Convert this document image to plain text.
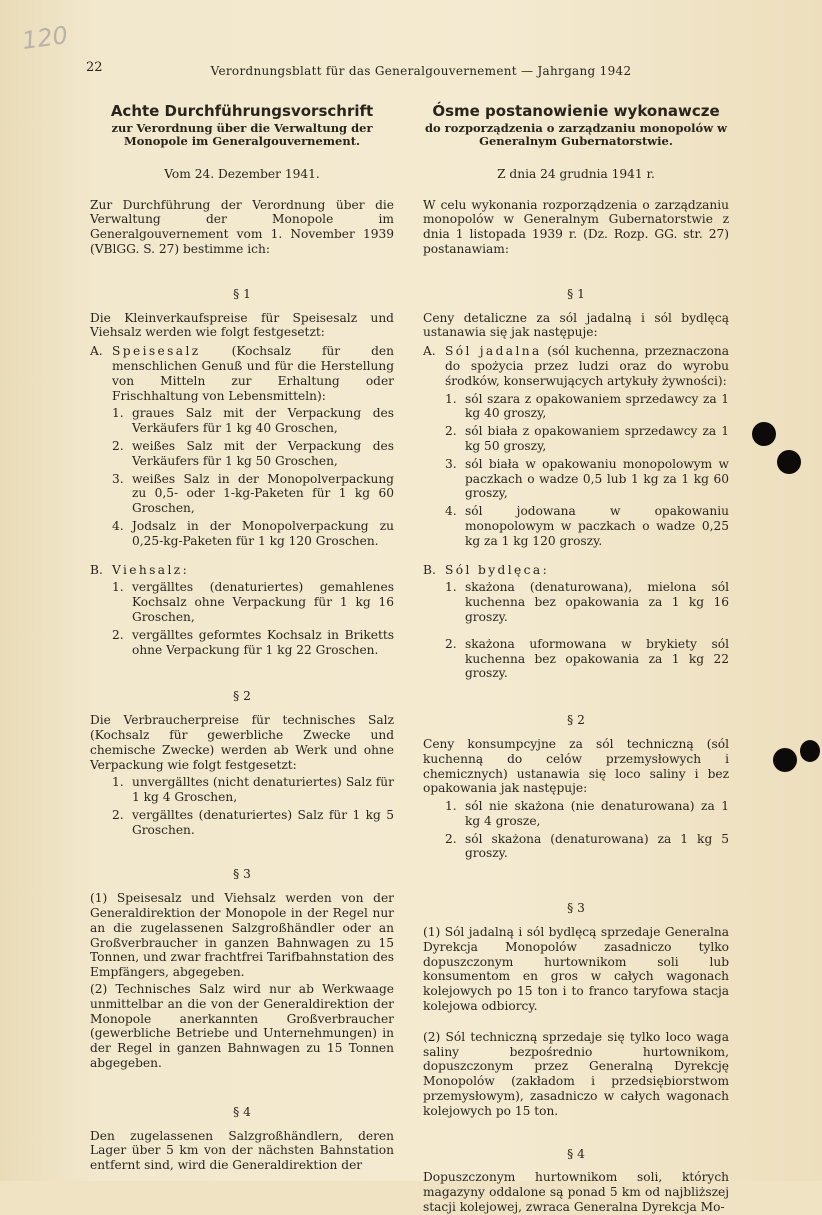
120
22	Verordnungsblatt für das Generalgouvernement — Jahrgang 1942
Achte Durchführungsvorschrift
zur Verordnung über die Verwaltung der Monopole im Generalgouvernement.
Vom 24. Dezember 1941.

Zur Durchführung der Verordnung über die Verwaltung der Monopole im Generalgouvernement vom 1. November 1939 (VBlGG. S. 27) bestimme ich:

§ 1

Die Kleinverkaufspreise für Speisesalz und Viehsalz werden wie folgt festgesetzt:

A. Speisesalz (Kochsalz für den menschlichen Genuß und für die Herstellung von Mitteln zur Erhaltung oder Frischhaltung von Lebensmitteln):
1. graues Salz mit der Verpackung des Verkäufers für 1 kg 40 Groschen,
2. weißes Salz mit der Verpackung des Verkäufers für 1 kg 50 Groschen,
3. weißes Salz in der Monopolverpackung zu 0,5- oder 1-kg-Paketen für 1 kg 60 Groschen,
4. Jodsalz in der Monopolverpackung zu 0,25-kg-Paketen für 1 kg 120 Groschen.
B. Viehsalz:
1. vergälltes (denaturiertes) gemahlenes Kochsalz ohne Verpackung für 1 kg 16 Groschen,
2. vergälltes geformtes Kochsalz in Briketts ohne Verpackung für 1 kg 22 Groschen.
§ 2

Die Verbraucherpreise für technisches Salz (Kochsalz für gewerbliche Zwecke und chemische Zwecke) werden ab Werk und ohne Verpackung wie folgt festgesetzt:

1. unvergälltes (nicht denaturiertes) Salz für 1 kg 4 Groschen,
2. vergälltes (denaturiertes) Salz für 1 kg 5 Groschen.
§ 3

(1) Speisesalz und Viehsalz werden von der Generaldirektion der Monopole in der Regel nur an die zugelassenen Salzgroßhändler oder an Großverbraucher in ganzen Bahnwagen zu 15 Tonnen, und zwar frachtfrei Tarifbahnstation des Empfängers, abgegeben.

(2) Technisches Salz wird nur ab Werkwaage unmittelbar an die von der Generaldirektion der Monopole anerkannten Großverbraucher (gewerbliche Betriebe und Unternehmungen) in der Regel in ganzen Bahnwagen zu 15 Tonnen abgegeben.

§ 4

Den zugelassenen Salzgroßhändlern, deren Lager über 5 km von der nächsten Bahnstation entfernt sind, wird die Generaldirektion der

Ósme postanowienie wykonawcze
do rozporządzenia o zarządzaniu monopolów w Generalnym Gubernatorstwie.
Z dnia 24 grudnia 1941 r.

W celu wykonania rozporządzenia o zarządzaniu monopolów w Generalnym Gubernatorstwie z dnia 1 listopada 1939 r. (Dz. Rozp. GG. str. 27) postanawiam:

§ 1

Ceny detaliczne za sól jadalną i sól bydlęcą ustanawia się jak następuje:

A. Sól jadalna (sól kuchenna, przeznaczona do spożycia przez ludzi oraz do wyrobu środków, konserwujących artykuły żywności):
1. sól szara z opakowaniem sprzedawcy za 1 kg 40 groszy,
2. sól biała z opakowaniem sprzedawcy za 1 kg 50 groszy,
3. sól biała w opakowaniu monopolowym w paczkach o wadze 0,5 lub 1 kg za 1 kg 60 groszy,
4. sól jodowana w opakowaniu monopolowym w paczkach o wadze 0,25 kg za 1 kg 120 groszy.
B. Sól bydlęca:
1. skażona (denaturowana), mielona sól kuchenna bez opakowania za 1 kg 16 groszy.
2. skażona uformowana w brykiety sól kuchenna bez opakowania za 1 kg 22 groszy.
§ 2

Ceny konsumpcyjne za sól techniczną (sól kuchenną do celów przemysłowych i chemicznych) ustanawia się loco saliny i bez opakowania jak następuje:

1. sól nie skażona (nie denaturowana) za 1 kg 4 grosze,
2. sól skażona (denaturowana) za 1 kg 5 groszy.
§ 3

(1) Sól jadalną i sól bydlęcą sprzedaje Generalna Dyrekcja Monopolów zasadniczo tylko dopuszczonym hurtownikom soli lub konsumentom en gros w całych wagonach kolejowych po 15 ton i to franco taryfowa stacja kolejowa odbiorcy.

(2) Sól techniczną sprzedaje się tylko loco waga saliny bezpośrednio hurtownikom, dopuszczonym przez Generalną Dyrekcję Monopolów (zakładom i przedsiębiorstwom przemysłowym), zasadniczo w całych wagonach kolejowych po 15 ton.

§ 4

Dopuszczonym hurtownikom soli, których magazyny oddalone są ponad 5 km od najbliższej stacji kolejowej, zwraca Generalna Dyrekcja Mo-
